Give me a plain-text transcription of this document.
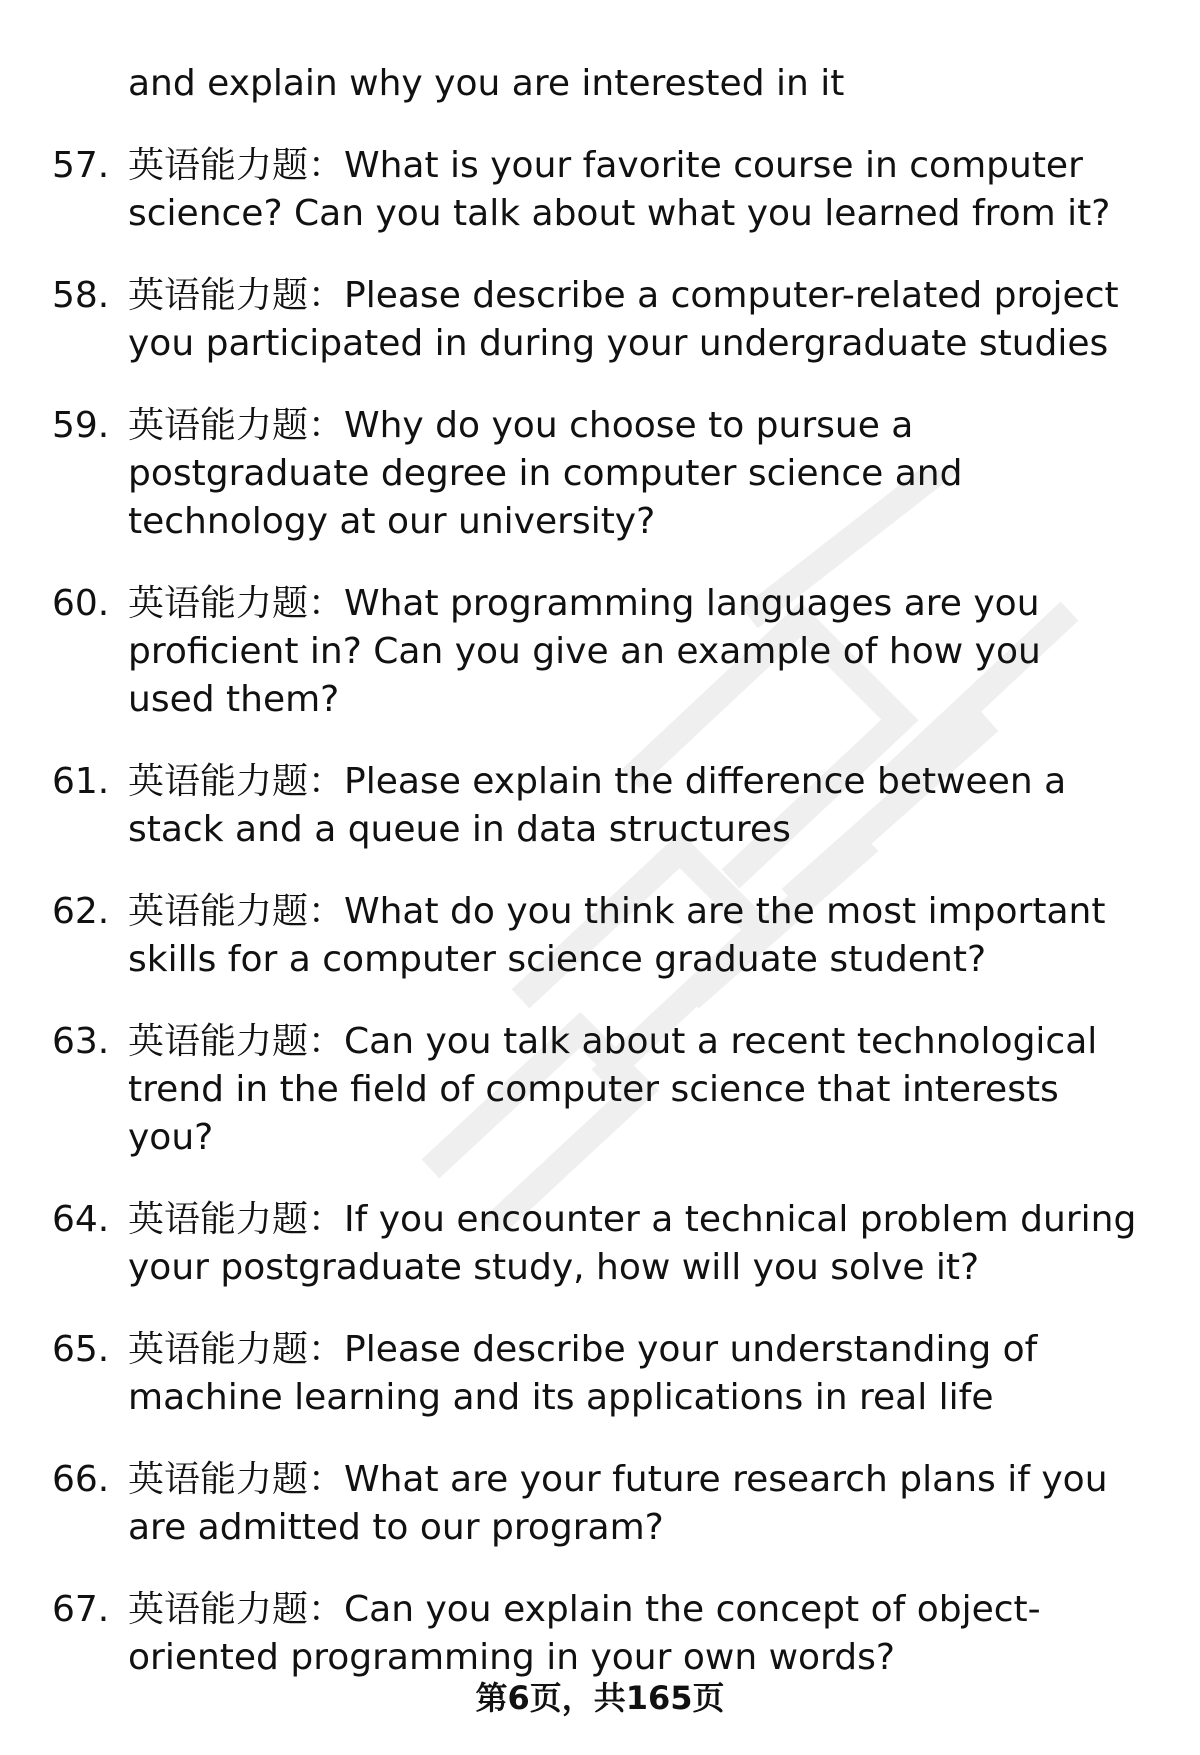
and explain why you are interested in it
57. 英语能力题：What is your favorite course in computer science? Can you talk about what you learned from it?
58. 英语能力题：Please describe a computer-related project you participated in during your undergraduate studies
59. 英语能力题：Why do you choose to pursue a postgraduate degree in computer science and technology at our university?
60. 英语能力题：What programming languages are you proficient in? Can you give an example of how you used them?
61. 英语能力题：Please explain the difference between a stack and a queue in data structures
62. 英语能力题：What do you think are the most important skills for a computer science graduate student?
63. 英语能力题：Can you talk about a recent technological trend in the field of computer science that interests you?
64. 英语能力题：If you encounter a technical problem during your postgraduate study, how will you solve it?
65. 英语能力题：Please describe your understanding of machine learning and its applications in real life
66. 英语能力题：What are your future research plans if you are admitted to our program?
67. 英语能力题：Can you explain the concept of object-oriented programming in your own words?
第6页，共165页
